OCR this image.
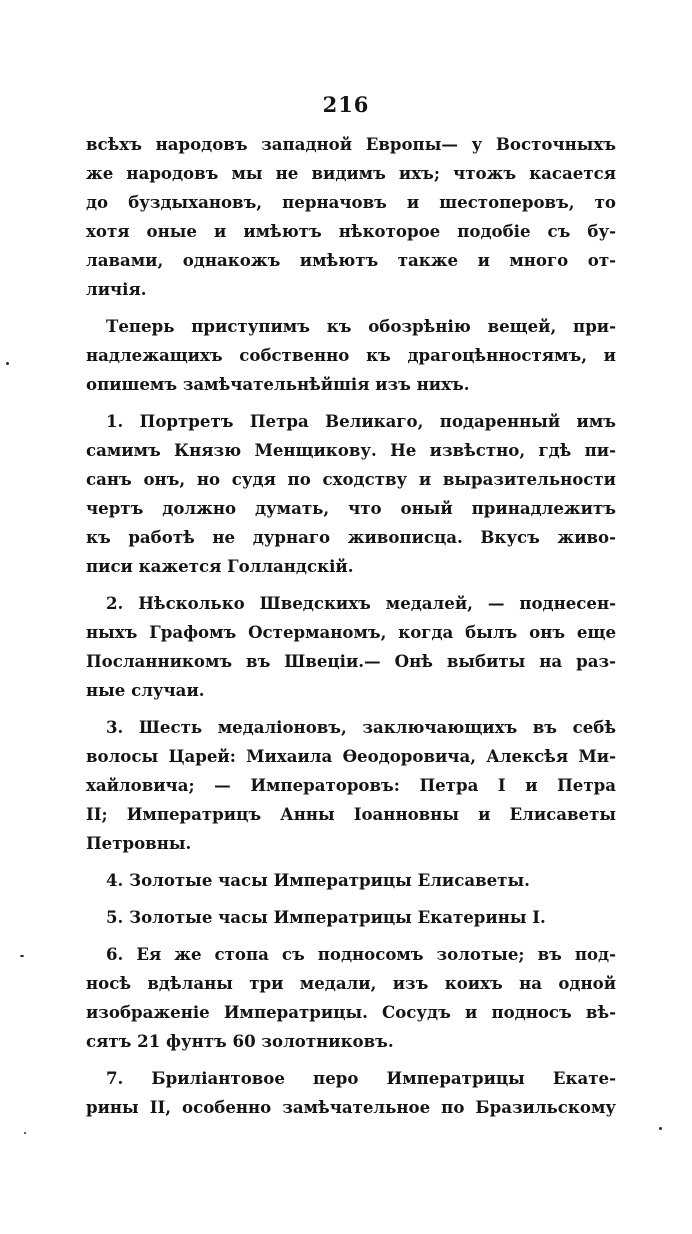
216
всѣхъ народовъ западной Европы— у Восточныхъ
же народовъ мы не видимъ ихъ; чтожъ касается
до буздыхановъ, перначовъ и шестоперовъ, то
хотя оные и имѣютъ нѣкоторое подобіе съ бу-
лавами, однакожъ имѣютъ также и много от-
личія.
Теперь приступимъ къ обозрѣнію вещей, при-
надлежащихъ собственно къ драгоцѣнностямъ, и
опишемъ замѣчательнѣйшія изъ нихъ.
1. Портретъ Петра Великаго, подаренный имъ
самимъ Князю Менщикову. Не извѣстно, гдѣ пи-
санъ онъ, но судя по сходству и выразительности
чертъ должно думать, что оный принадлежитъ
къ работѣ не дурнаго живописца. Вкусъ живо-
писи кажется Голландскій.
2. Нѣсколько Шведскихъ медалей, — поднесен-
ныхъ Графомъ Остерманомъ, когда былъ онъ еще
Посланникомъ въ Швеціи.— Онѣ выбиты на раз-
ные случаи.
3. Шесть медаліоновъ, заключающихъ въ себѣ
волосы Царей: Михаила Ѳеодоровича, Алексѣя Ми-
хайловича; — Императоровъ: Петра I и Петра
II; Императрицъ Анны Іоанновны и Елисаветы
Петровны.
4. Золотые часы Императрицы Елисаветы.
5. Золотые часы Императрицы Екатерины I.
6. Ея же стопа съ подносомъ золотые; въ под-
носѣ вдѣланы три медали, изъ коихъ на одной
изображеніе Императрицы. Сосудъ и подносъ вѣ-
сятъ 21 фунтъ 60 золотниковъ.
7. Бриліантовое перо Императрицы Екате-
рины II, особенно замѣчательное по Бразильскому
